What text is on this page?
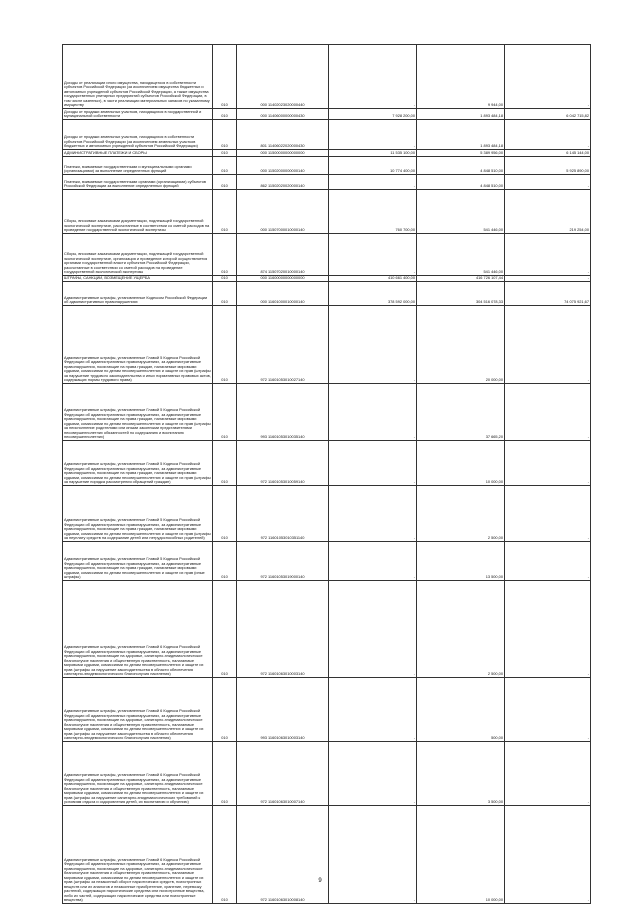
Доходы от реализации иного имущества, находящегося в собственности субъектов Российской Федерации (за исключением имущества бюджетных и автономных учреждений субъектов Российской Федерации, а также имущества государственных унитарных предприятий субъектов Российской Федерации, в том числе казенных), в части реализации материальных запасов по указанному имуществу	010	000 11402023020000440	-	9 944,00	-
Доходы от продажи земельных участков, находящихся в государственной и муниципальной собственности	010	000 11406000000000430	7 928 200,00	1 893 484,18	6 042 715,82
Доходы от продажи земельных участков, находящихся в собственности субъектов Российской Федерации (за исключением земельных участков бюджетных и автономных учреждений субъектов Российской Федерации)	010	801 11406022020000430	-	1 893 484,18	-
АДМИНИСТРАТИВНЫЕ ПЛАТЕЖИ И СБОРЫ	010	000 11500000000000000	11 535 100,00	5 389 956,00	6 145 144,00
Платежи, взимаемые государственными и муниципальными органами (организациями) за выполнение определенных функций	010	000 11502000000000140	10 774 400,00	4 848 510,00	5 925 890,00
Платежи, взимаемые государственными органами (организациями) субъектов Российской Федерации за выполнение определенных функций	010	862 11502020020000140	-	4 848 510,00	-
Сборы, вносимые заказчиками документации, подлежащей государственной экологической экспертизе, рассчитанные в соответствии со сметой расходов на проведение государственной экологической экспертизы	010	000 11507000010000140	760 700,00	541 446,00	219 254,00
Сборы, вносимые заказчиками документации, подлежащей государственной экологической экспертизе, организация и проведение которой осуществляется органами государственной власти субъектов Российской Федерации, рассчитанные в соответствии со сметой расходов на проведение государственной экологической экспертизы	010	874 11507020010000140	-	541 446,00	-
ШТРАФЫ, САНКЦИИ, ВОЗМЕЩЕНИЕ УЩЕРБА	010	000 11600000000000000	410 661 400,00	416 726 107,44	-
Административные штрафы, установленные Кодексом Российской Федерации об административных правонарушениях	010	000 11601000010000140	378 592 000,00	304 516 078,33	74 075 921,67
Административные штрафы, установленные Главой 5 Кодекса Российской Федерации об административных правонарушениях, за административные правонарушения, посягающие на права граждан, налагаемые мировыми судьями, комиссиями по делам несовершеннолетних и защите их прав (штрафы за нарушение трудового законодательства и иных нормативных правовых актов, содержащих нормы трудового права)	010	972 11601053010027140	-	20 000,00	-
Административные штрафы, установленные Главой 5 Кодекса Российской Федерации об административных правонарушениях, за административные правонарушения, посягающие на права граждан, налагаемые мировыми судьями, комиссиями по делам несовершеннолетних и защите их прав (штрафы за неисполнение родителями или иными законными представителями несовершеннолетних обязанностей по содержанию и воспитанию несовершеннолетних)	010	993 11601053010035140	-	37 665,20	-
Административные штрафы, установленные Главой 5 Кодекса Российской Федерации об административных правонарушениях, за административные правонарушения, посягающие на права граждан, налагаемые мировыми судьями, комиссиями по делам несовершеннолетних и защите их прав (штрафы за нарушение порядка рассмотрения обращений граждан)	010	972 11601053010059140	-	10 000,00	-
Административные штрафы, установленные Главой 5 Кодекса Российской Федерации об административных правонарушениях, за административные правонарушения, посягающие на права граждан, налагаемые мировыми судьями, комиссиями по делам несовершеннолетних и защите их прав (штрафы за неуплату средств на содержание детей или нетрудоспособных родителей)	010	972 11601053010351140	-	2 500,00	-
Административные штрафы, установленные Главой 5 Кодекса Российской Федерации об административных правонарушениях, за административные правонарушения, посягающие на права граждан, налагаемые мировыми судьями, комиссиями по делам несовершеннолетних и защите их прав (иные штрафы)	010	972 11601053019000140	-	13 500,00	-
Административные штрафы, установленные Главой 6 Кодекса Российской Федерации об административных правонарушениях, за административные правонарушения, посягающие на здоровье, санитарно-эпидемиологическое благополучие населения и общественную нравственность, налагаемые мировыми судьями, комиссиями по делам несовершеннолетних и защите их прав (штрафы за нарушение законодательства в области обеспечения санитарно-эпидемиологического благополучия населения)	010	972 11601063010003140	-	2 500,00	-
Административные штрафы, установленные Главой 6 Кодекса Российской Федерации об административных правонарушениях, за административные правонарушения, посягающие на здоровье, санитарно-эпидемиологическое благополучие населения и общественную нравственность, налагаемые мировыми судьями, комиссиями по делам несовершеннолетних и защите их прав (штрафы за нарушение законодательства в области обеспечения санитарно-эпидемиологического благополучия населения)	010	993 11601063010003140	-	500,00	-
Административные штрафы, установленные Главой 6 Кодекса Российской Федерации об административных правонарушениях, за административные правонарушения, посягающие на здоровье, санитарно-эпидемиологическое благополучие населения и общественную нравственность, налагаемые мировыми судьями, комиссиями по делам несовершеннолетних и защите их прав (штрафы за нарушение санитарно-эпидемиологических требований к условиям отдыха и оздоровления детей, их воспитанию и обучению)	010	972 11601063010007140	-	3 500,00	-
Административные штрафы, установленные Главой 6 Кодекса Российской Федерации об административных правонарушениях, за административные правонарушения, посягающие на здоровье, санитарно-эпидемиологическое благополучие населения и общественную нравственность, налагаемые мировыми судьями, комиссиями по делам несовершеннолетних и защите их прав (штрафы за незаконный оборот наркотических средств, психотропных веществ или их аналогов и незаконные приобретение, хранение, перевозку растений, содержащих наркотические средства или психотропные вещества, либо их частей, содержащих наркотические средства или психотропные вещества)	010	972 11601063010008140	-	10 000,00	-
9
